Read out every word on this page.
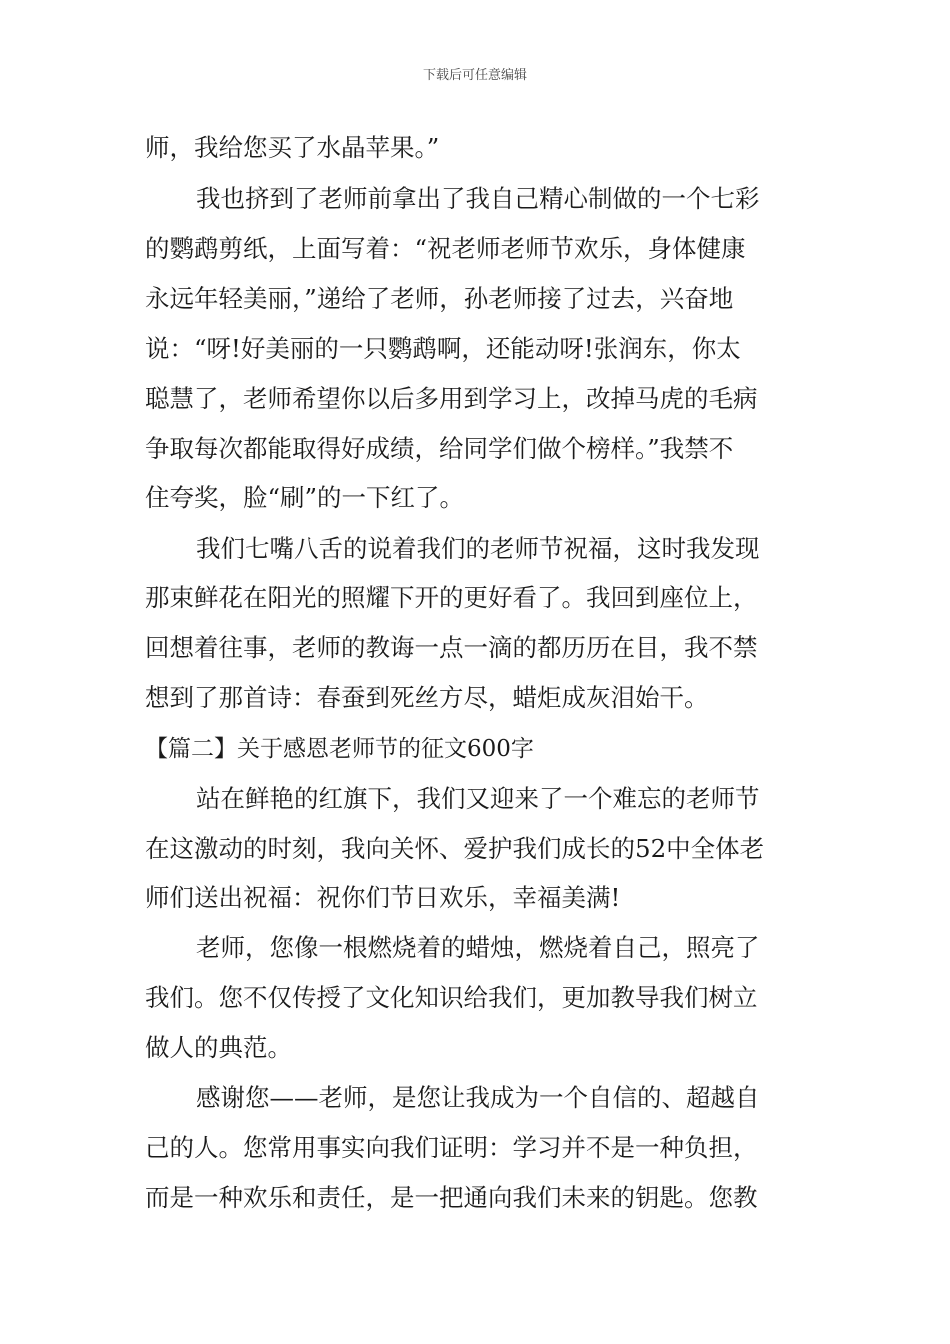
下载后可任意编辑
师，我给您买了水晶苹果。”
我也挤到了老师前拿出了我自己精心制做的一个七彩
的鹦鹉剪纸，上面写着：“祝老师老师节欢乐，身体健康
永远年轻美丽，”递给了老师，孙老师接了过去，兴奋地
说：“呀!好美丽的一只鹦鹉啊，还能动呀!张润东，你太
聪慧了，老师希望你以后多用到学习上，改掉马虎的毛病
争取每次都能取得好成绩，给同学们做个榜样。”我禁不
住夸奖，脸“刷”的一下红了。
我们七嘴八舌的说着我们的老师节祝福，这时我发现
那束鲜花在阳光的照耀下开的更好看了。我回到座位上，
回想着往事，老师的教诲一点一滴的都历历在目，我不禁
想到了那首诗：春蚕到死丝方尽，蜡炬成灰泪始干。
【篇二】关于感恩老师节的征文600字
站在鲜艳的红旗下，我们又迎来了一个难忘的老师节
在这激动的时刻，我向关怀、爱护我们成长的52中全体老
师们送出祝福：祝你们节日欢乐，幸福美满!
老师，您像一根燃烧着的蜡烛，燃烧着自己，照亮了
我们。您不仅传授了文化知识给我们，更加教导我们树立
做人的典范。
感谢您——老师，是您让我成为一个自信的、超越自
己的人。您常用事实向我们证明：学习并不是一种负担，
而是一种欢乐和责任，是一把通向我们未来的钥匙。您教
